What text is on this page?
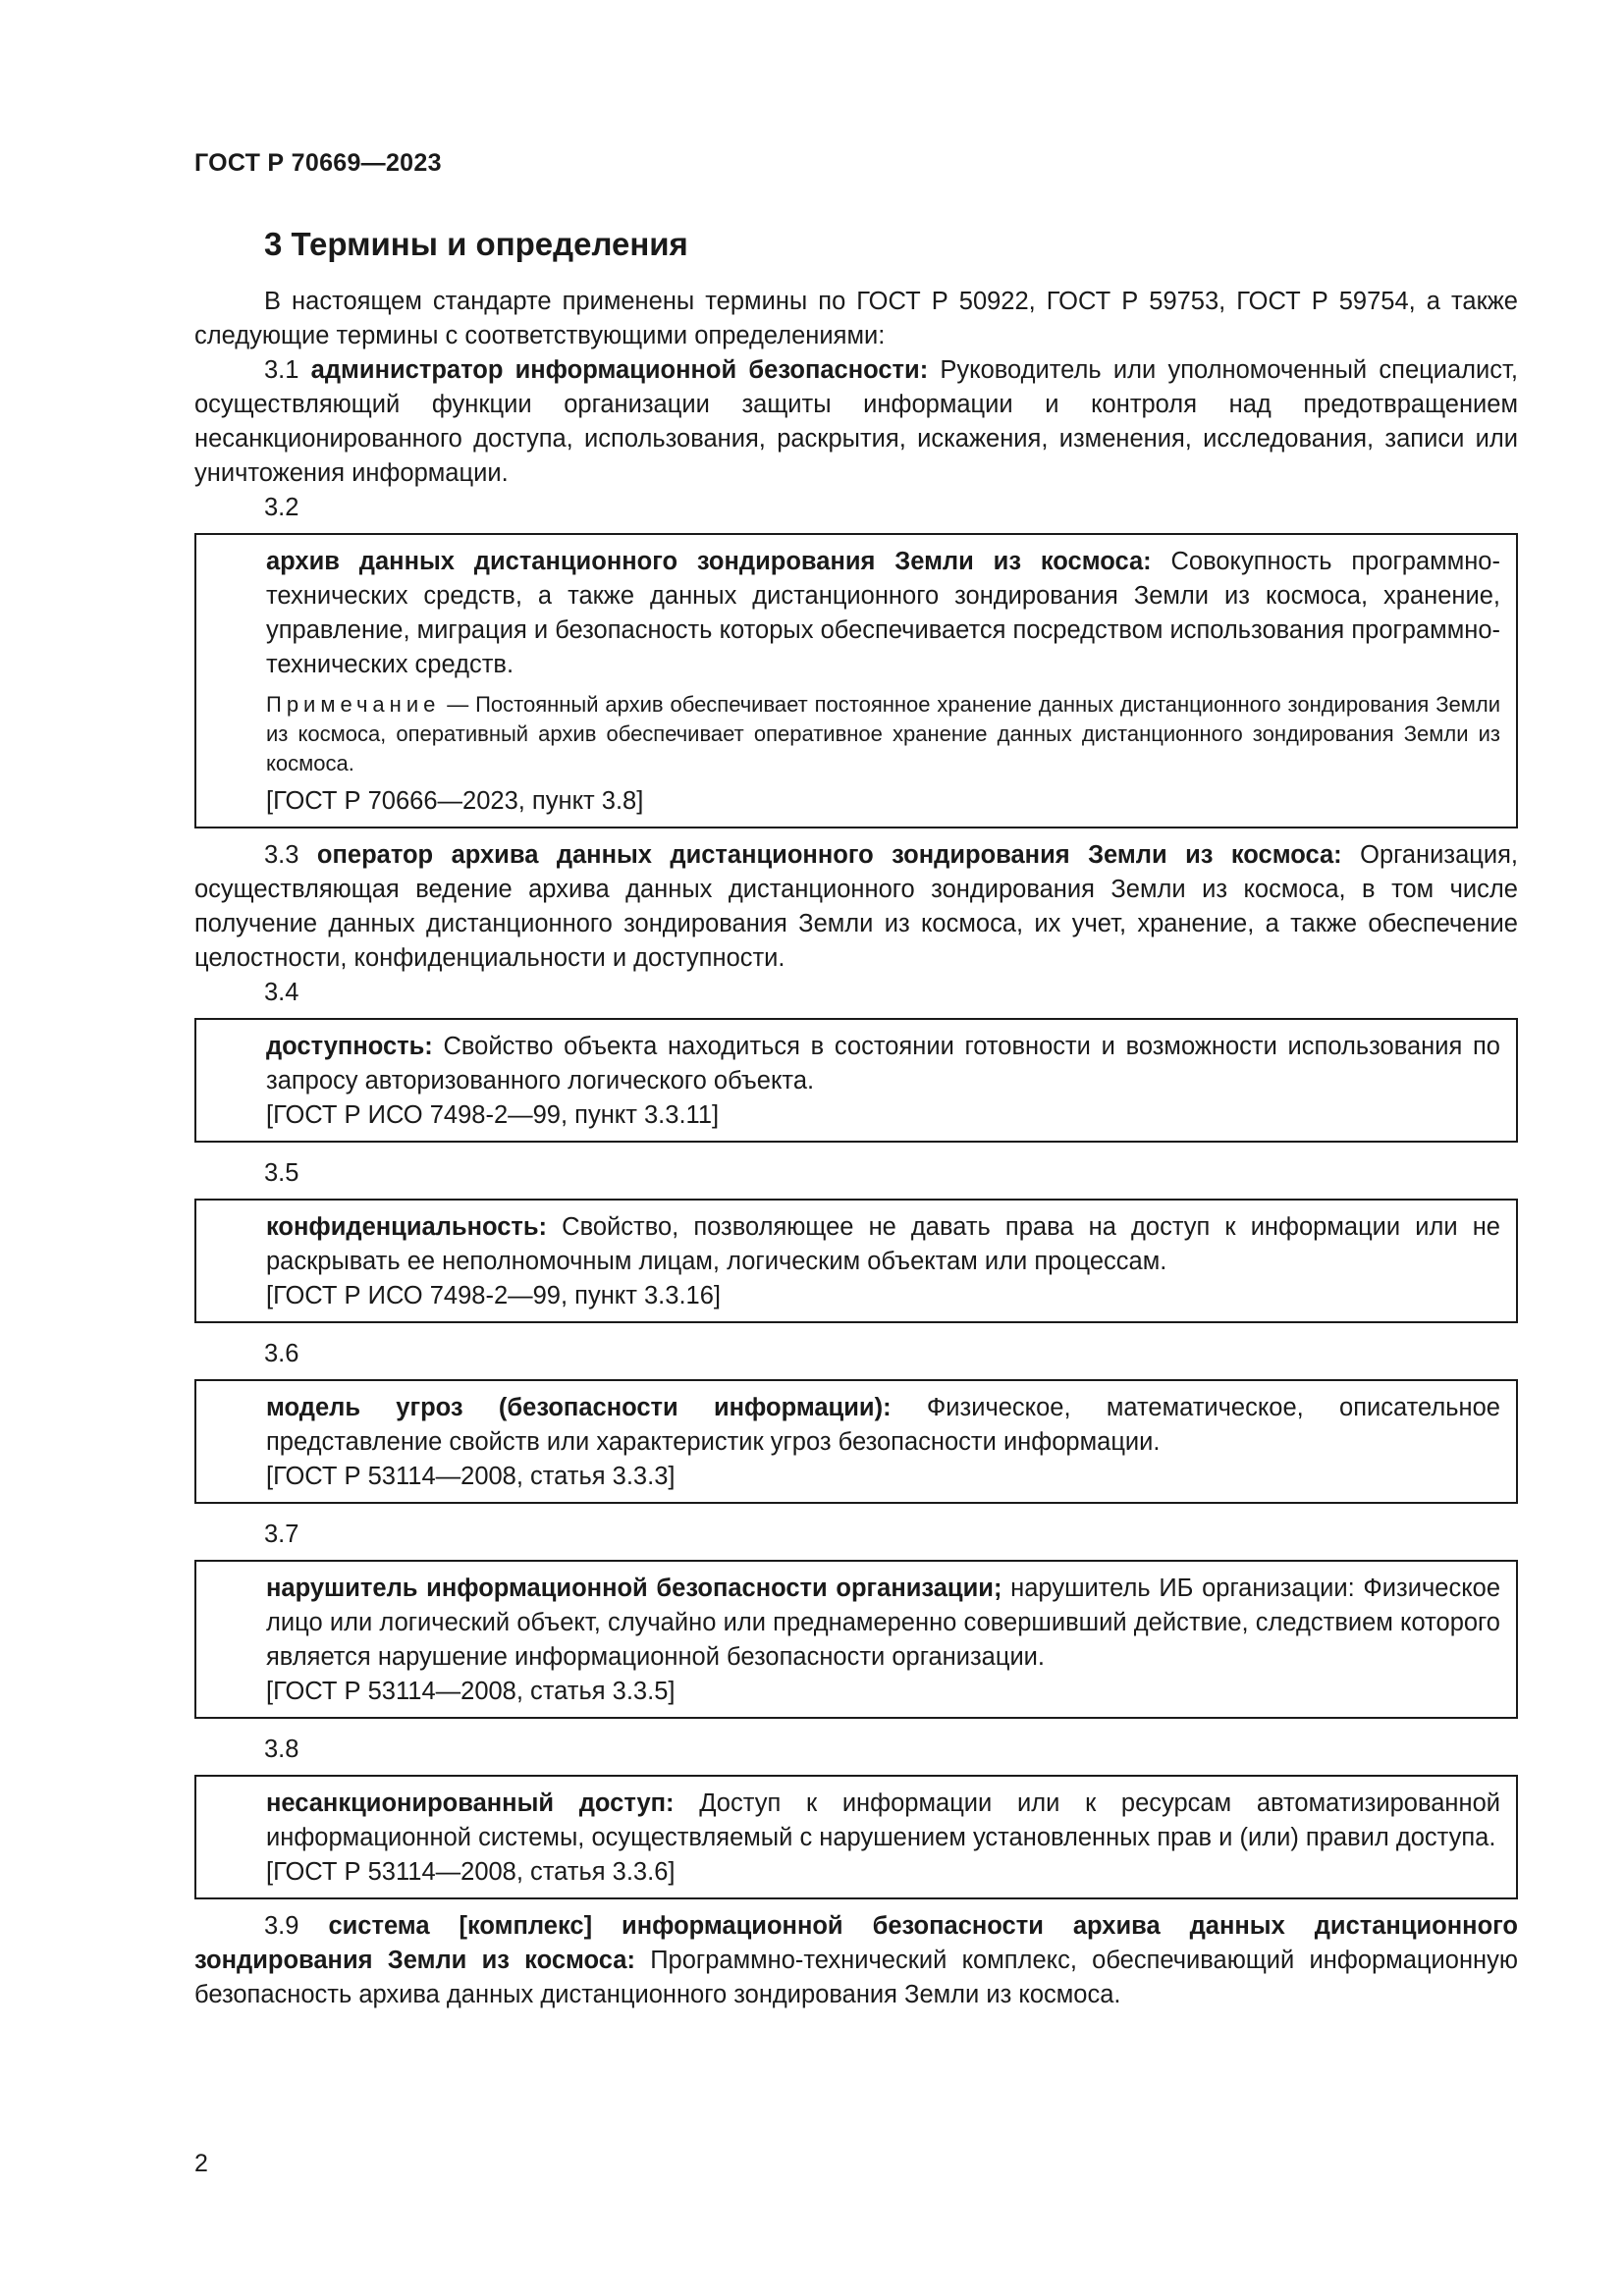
ГОСТ Р 70669—2023
3 Термины и определения

В настоящем стандарте применены термины по ГОСТ Р 50922, ГОСТ Р 59753, ГОСТ Р 59754, а также следующие термины с соответствующими определениями:

3.1 администратор информационной безопасности: Руководитель или уполномоченный специалист, осуществляющий функции организации защиты информации и контроля над предотвращением несанкционированного доступа, использования, раскрытия, искажения, изменения, исследования, записи или уничтожения информации.

3.2

архив данных дистанционного зондирования Земли из космоса: Совокупность программно-технических средств, а также данных дистанционного зондирования Земли из космоса, хранение, управление, миграция и безопасность которых обеспечивается посредством использования программно-технических средств.

Примечание — Постоянный архив обеспечивает постоянное хранение данных дистанционного зондирования Земли из космоса, оперативный архив обеспечивает оперативное хранение данных дистанционного зондирования Земли из космоса.

[ГОСТ Р 70666—2023, пункт 3.8]

3.3 оператор архива данных дистанционного зондирования Земли из космоса: Организация, осуществляющая ведение архива данных дистанционного зондирования Земли из космоса, в том числе получение данных дистанционного зондирования Земли из космоса, их учет, хранение, а также обеспечение целостности, конфиденциальности и доступности.

3.4

доступность: Свойство объекта находиться в состоянии готовности и возможности использования по запросу авторизованного логического объекта.

[ГОСТ Р ИСО 7498-2—99, пункт 3.3.11]

3.5

конфиденциальность: Свойство, позволяющее не давать права на доступ к информации или не раскрывать ее неполномочным лицам, логическим объектам или процессам.

[ГОСТ Р ИСО 7498-2—99, пункт 3.3.16]

3.6

модель угроз (безопасности информации): Физическое, математическое, описательное представление свойств или характеристик угроз безопасности информации.

[ГОСТ Р 53114—2008, статья 3.3.3]

3.7

нарушитель информационной безопасности организации; нарушитель ИБ организации: Физическое лицо или логический объект, случайно или преднамеренно совершивший действие, следствием которого является нарушение информационной безопасности организации.

[ГОСТ Р 53114—2008, статья 3.3.5]

3.8

несанкционированный доступ: Доступ к информации или к ресурсам автоматизированной информационной системы, осуществляемый с нарушением установленных прав и (или) правил доступа.

[ГОСТ Р 53114—2008, статья 3.3.6]

3.9 система [комплекс] информационной безопасности архива данных дистанционного зондирования Земли из космоса: Программно-технический комплекс, обеспечивающий информационную безопасность архива данных дистанционного зондирования Земли из космоса.

2
